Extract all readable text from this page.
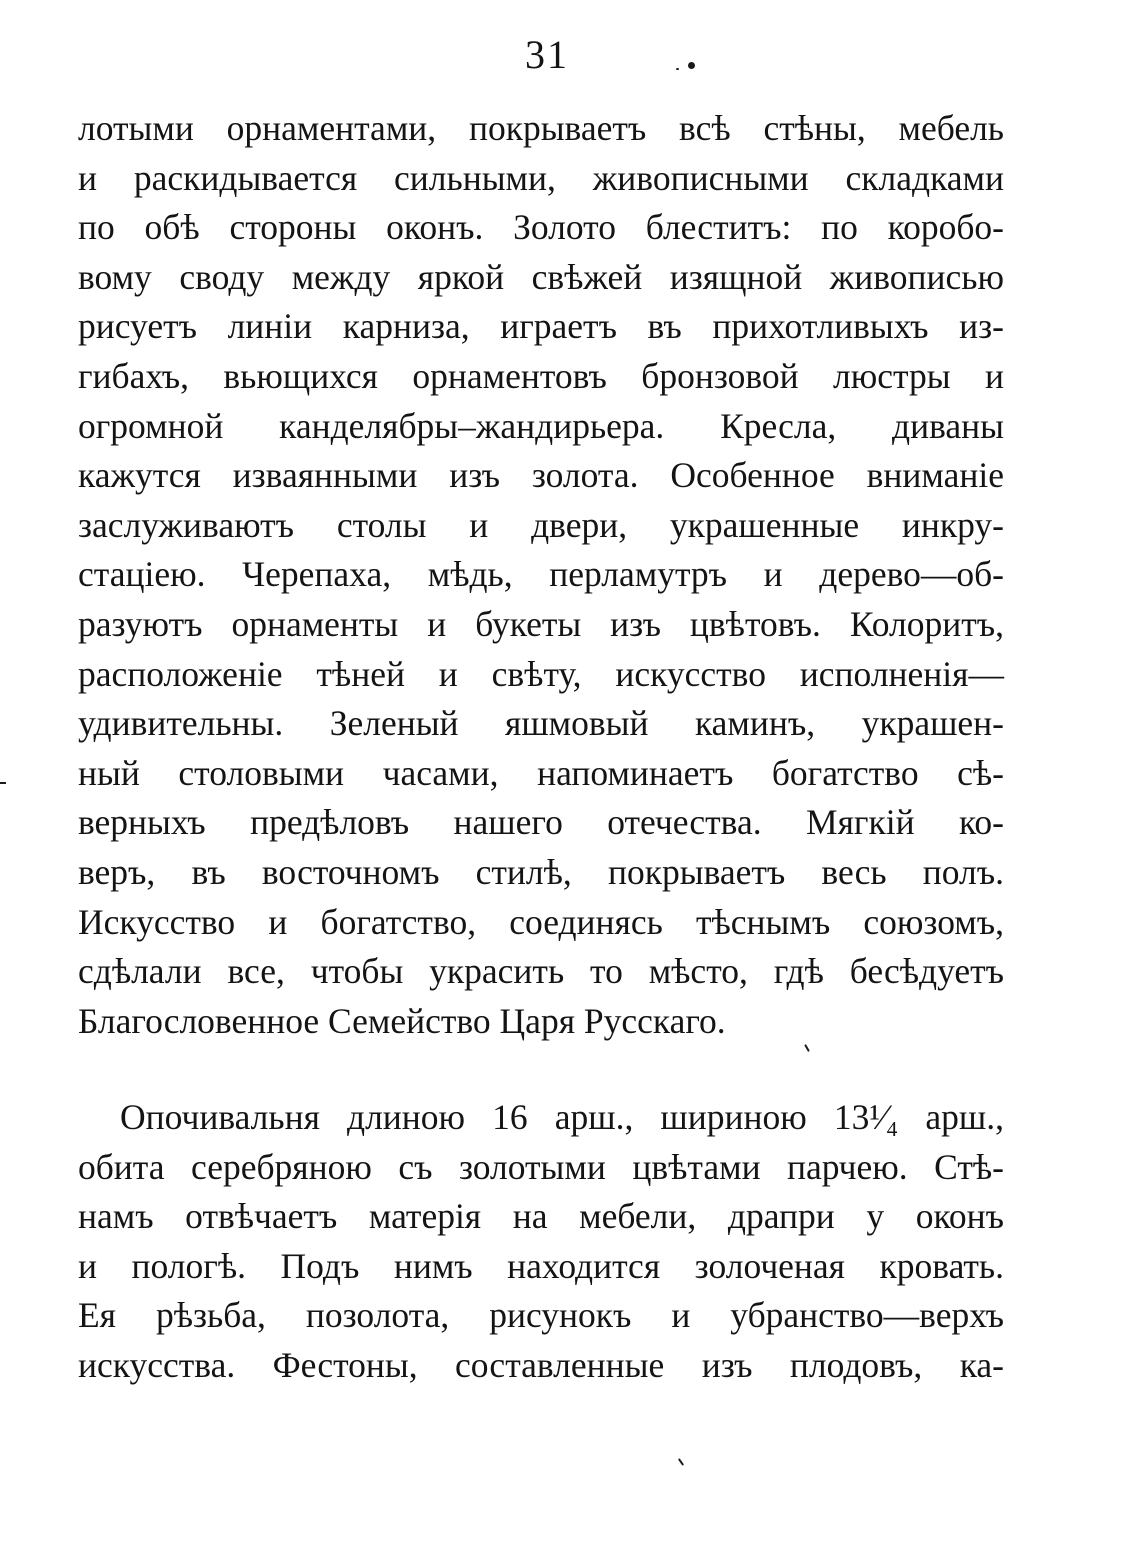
31
лотыми орнаментами, покрываетъ всѣ стѣны, мебель
и раскидывается сильными, живописными складками
по обѣ стороны оконъ. Золото блеститъ: по коробо-
вому своду между яркой свѣжей изящной живописью
рисуетъ линіи карниза, играетъ въ прихотливыхъ из-
гибахъ, вьющихся орнаментовъ бронзовой люстры и
огромной канделябры–жандирьера. Кресла, диваны
кажутся изваянными изъ золота. Особенное вниманіе
заслуживаютъ столы и двери, украшенные инкру-
стаціею. Черепаха, мѣдь, перламутръ и дерево—об-
разуютъ орнаменты и букеты изъ цвѣтовъ. Колоритъ,
расположеніе тѣней и свѣту, искусство исполненія—
удивительны. Зеленый яшмовый каминъ, украшен-
ный столовыми часами, напоминаетъ богатство сѣ-
верныхъ предѣловъ нашего отечества. Мягкій ко-
веръ, въ восточномъ стилѣ, покрываетъ весь полъ.
Искусство и богатство, соединясь тѣснымъ союзомъ,
сдѣлали все, чтобы украсить то мѣсто, гдѣ бесѣдуетъ
Благословенное Семейство Царя Русскаго.
Опочивальня длиною 16 арш., шириною 13¹⁄₄ арш.,
обита серебряною съ золотыми цвѣтами парчею. Стѣ-
намъ отвѣчаетъ матерія на мебели, драпри у оконъ
и пологѣ. Подъ нимъ находится золоченая кровать.
Ея рѣзьба, позолота, рисунокъ и убранство—верхъ
искусства. Фестоны, составленные изъ плодовъ, ка-
